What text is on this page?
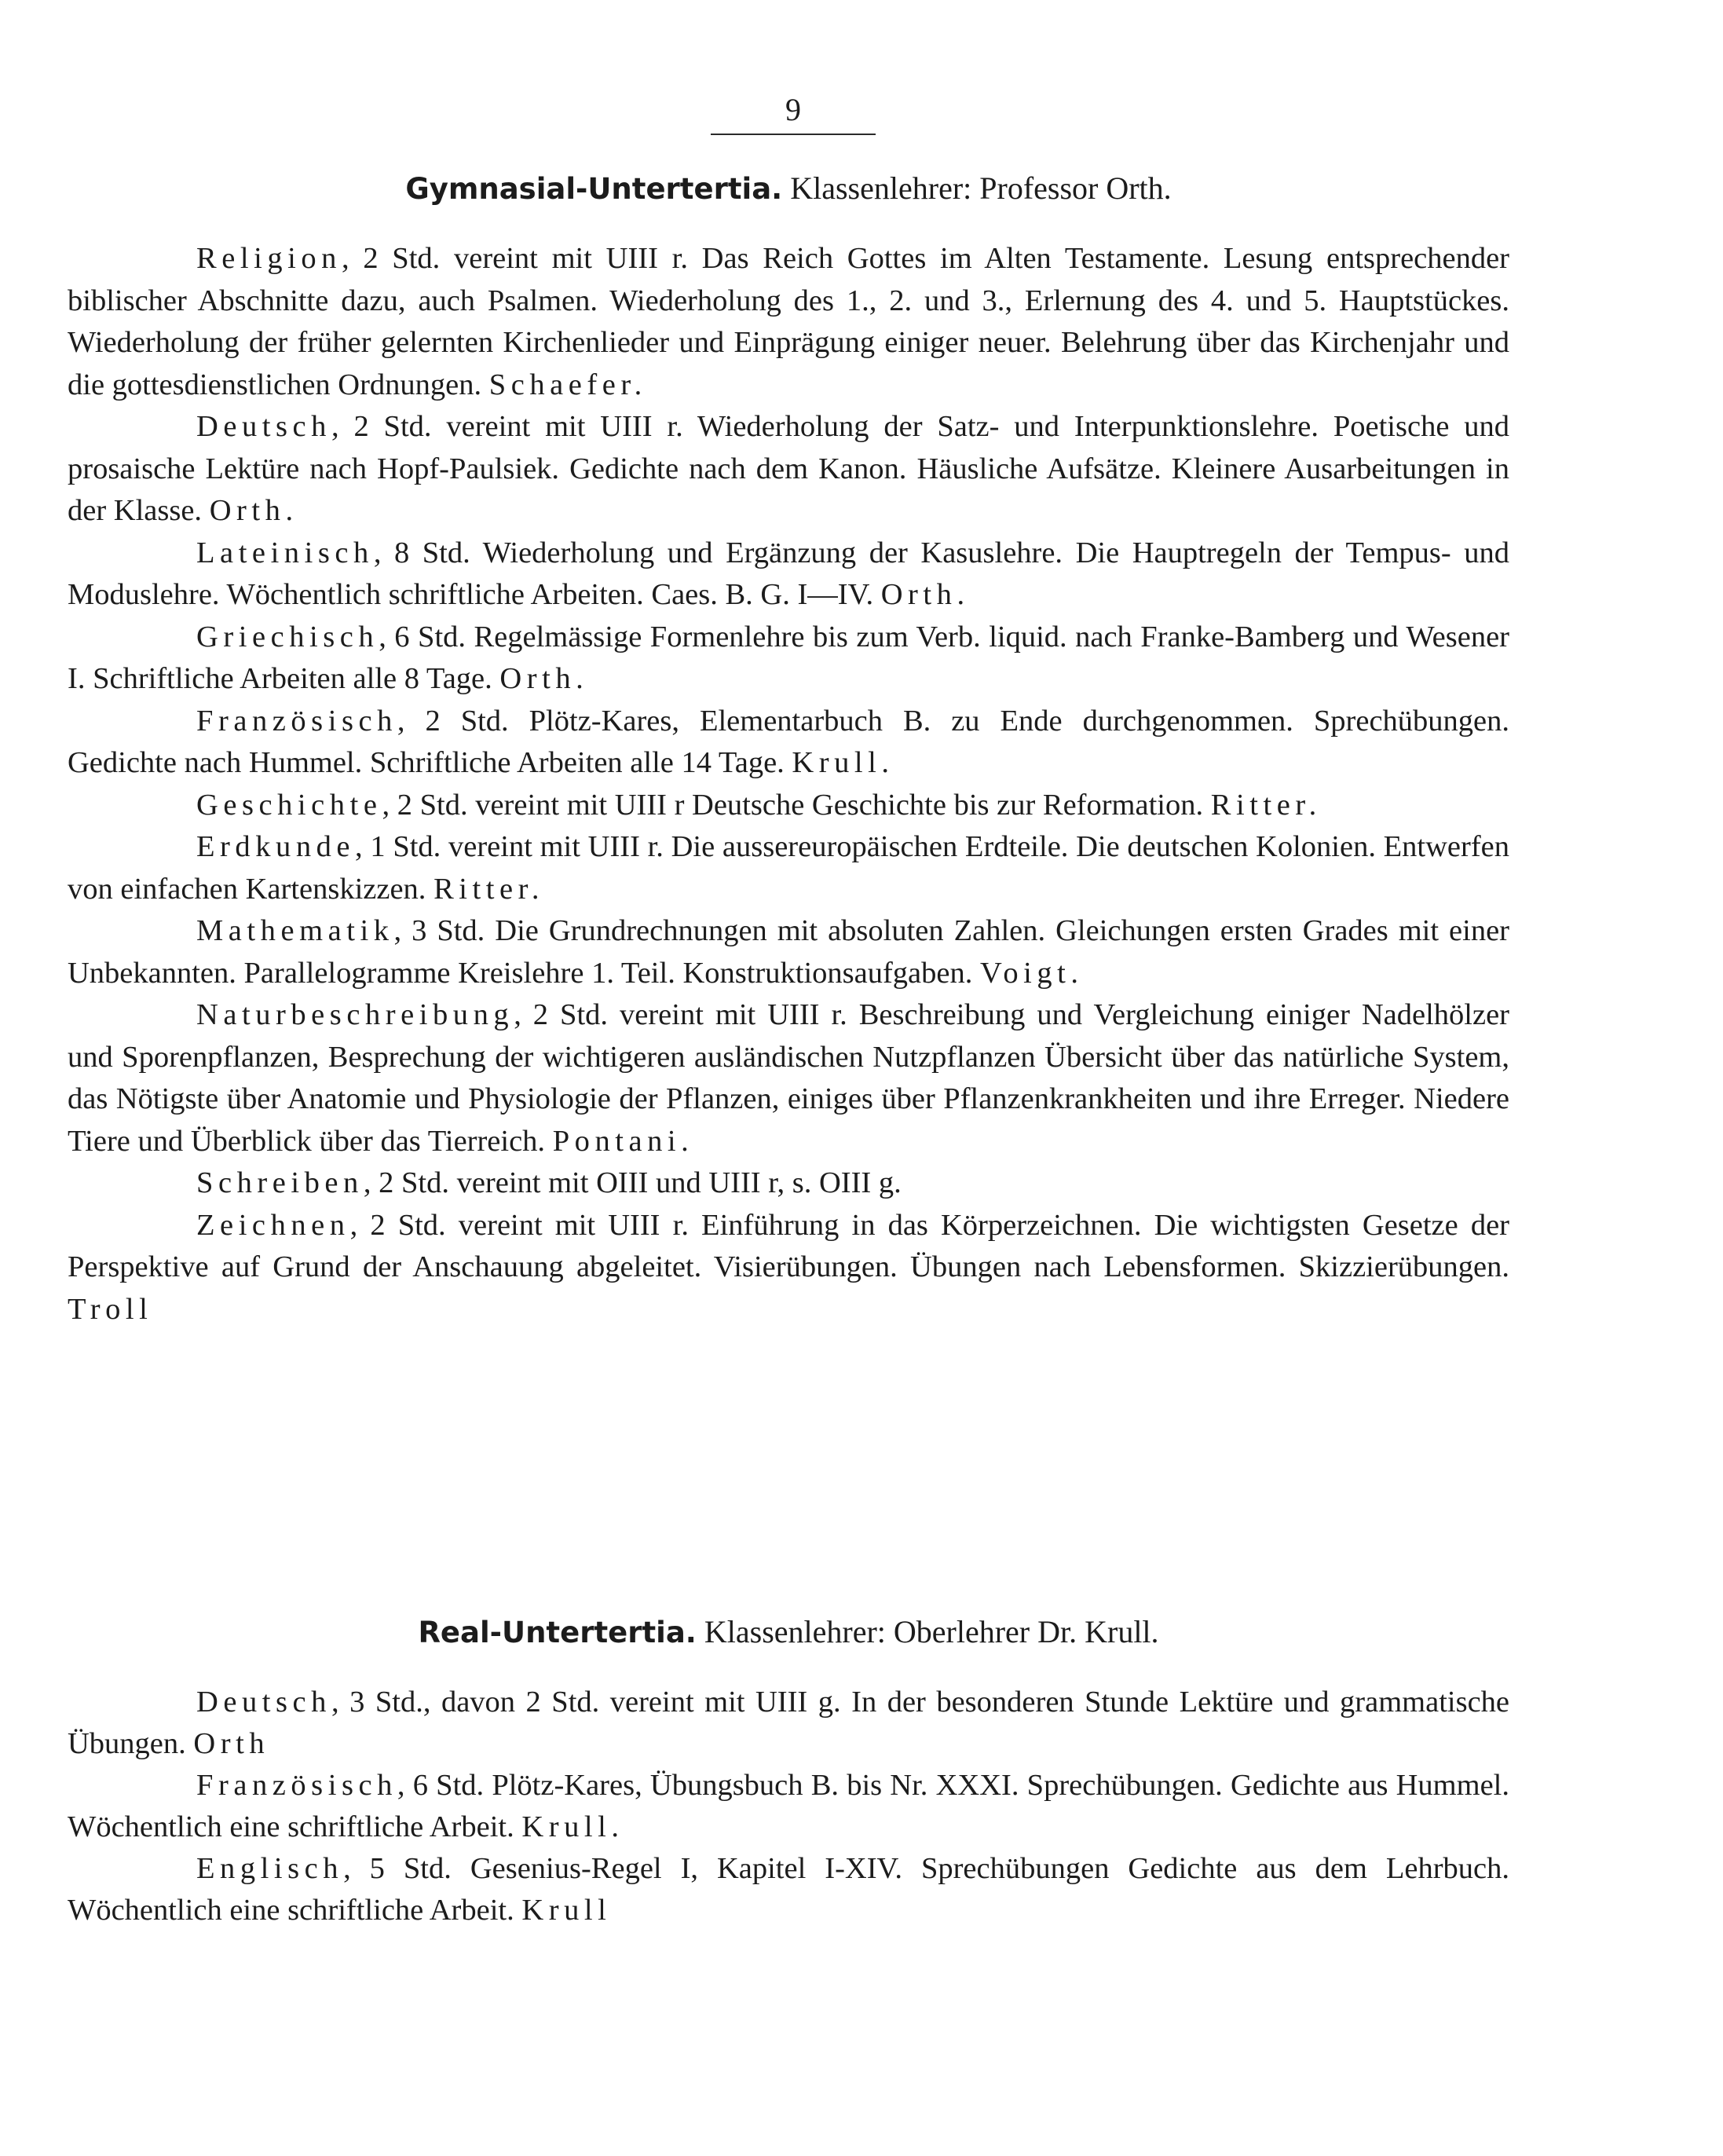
9
Gymnasial-Untertertia. Klassenlehrer: Professor Orth.

Religion, 2 Std. vereint mit UIII r. Das Reich Gottes im Alten Testamente. Lesung entsprechender biblischer Abschnitte dazu, auch Psalmen. Wiederholung des 1., 2. und 3., Erlernung des 4. und 5. Hauptstückes. Wiederholung der früher gelernten Kirchenlieder und Einprägung einiger neuer. Belehrung über das Kirchenjahr und die gottesdienstlichen Ordnungen. Schaefer.

Deutsch, 2 Std. vereint mit UIII r. Wiederholung der Satz- und Interpunktionslehre. Poetische und prosaische Lektüre nach Hopf-Paulsiek. Gedichte nach dem Kanon. Häusliche Aufsätze. Kleinere Ausarbeitungen in der Klasse. Orth.

Lateinisch, 8 Std. Wiederholung und Ergänzung der Kasuslehre. Die Hauptregeln der Tempus- und Moduslehre. Wöchentlich schriftliche Arbeiten. Caes. B. G. I—IV. Orth.

Griechisch, 6 Std. Regelmässige Formenlehre bis zum Verb. liquid. nach Franke-Bamberg und Wesener I. Schriftliche Arbeiten alle 8 Tage. Orth.

Französisch, 2 Std. Plötz-Kares, Elementarbuch B. zu Ende durchgenommen. Sprechübungen. Gedichte nach Hummel. Schriftliche Arbeiten alle 14 Tage. Krull.

Geschichte, 2 Std. vereint mit UIII r Deutsche Geschichte bis zur Reformation. Ritter.

Erdkunde, 1 Std. vereint mit UIII r. Die aussereuropäischen Erdteile. Die deutschen Kolonien. Entwerfen von einfachen Kartenskizzen. Ritter.

Mathematik, 3 Std. Die Grundrechnungen mit absoluten Zahlen. Gleichungen ersten Grades mit einer Unbekannten. Parallelogramme Kreislehre 1. Teil. Konstruktionsaufgaben. Voigt.

Naturbeschreibung, 2 Std. vereint mit UIII r. Beschreibung und Vergleichung einiger Nadelhölzer und Sporenpflanzen, Besprechung der wichtigeren ausländischen Nutzpflanzen Übersicht über das natürliche System, das Nötigste über Anatomie und Physiologie der Pflanzen, einiges über Pflanzenkrankheiten und ihre Erreger. Niedere Tiere und Überblick über das Tierreich. Pontani.

Schreiben, 2 Std. vereint mit OIII und UIII r, s. OIII g.

Zeichnen, 2 Std. vereint mit UIII r. Einführung in das Körperzeichnen. Die wichtigsten Gesetze der Perspektive auf Grund der Anschauung abgeleitet. Visierübungen. Übungen nach Lebensformen. Skizzierübungen. Troll

Real-Untertertia. Klassenlehrer: Oberlehrer Dr. Krull.

Deutsch, 3 Std., davon 2 Std. vereint mit UIII g. In der besonderen Stunde Lektüre und grammatische Übungen. Orth

Französisch, 6 Std. Plötz-Kares, Übungsbuch B. bis Nr. XXXI. Sprechübungen. Gedichte aus Hummel. Wöchentlich eine schriftliche Arbeit. Krull.

Englisch, 5 Std. Gesenius-Regel I, Kapitel I-XIV. Sprechübungen Gedichte aus dem Lehrbuch. Wöchentlich eine schriftliche Arbeit. Krull
